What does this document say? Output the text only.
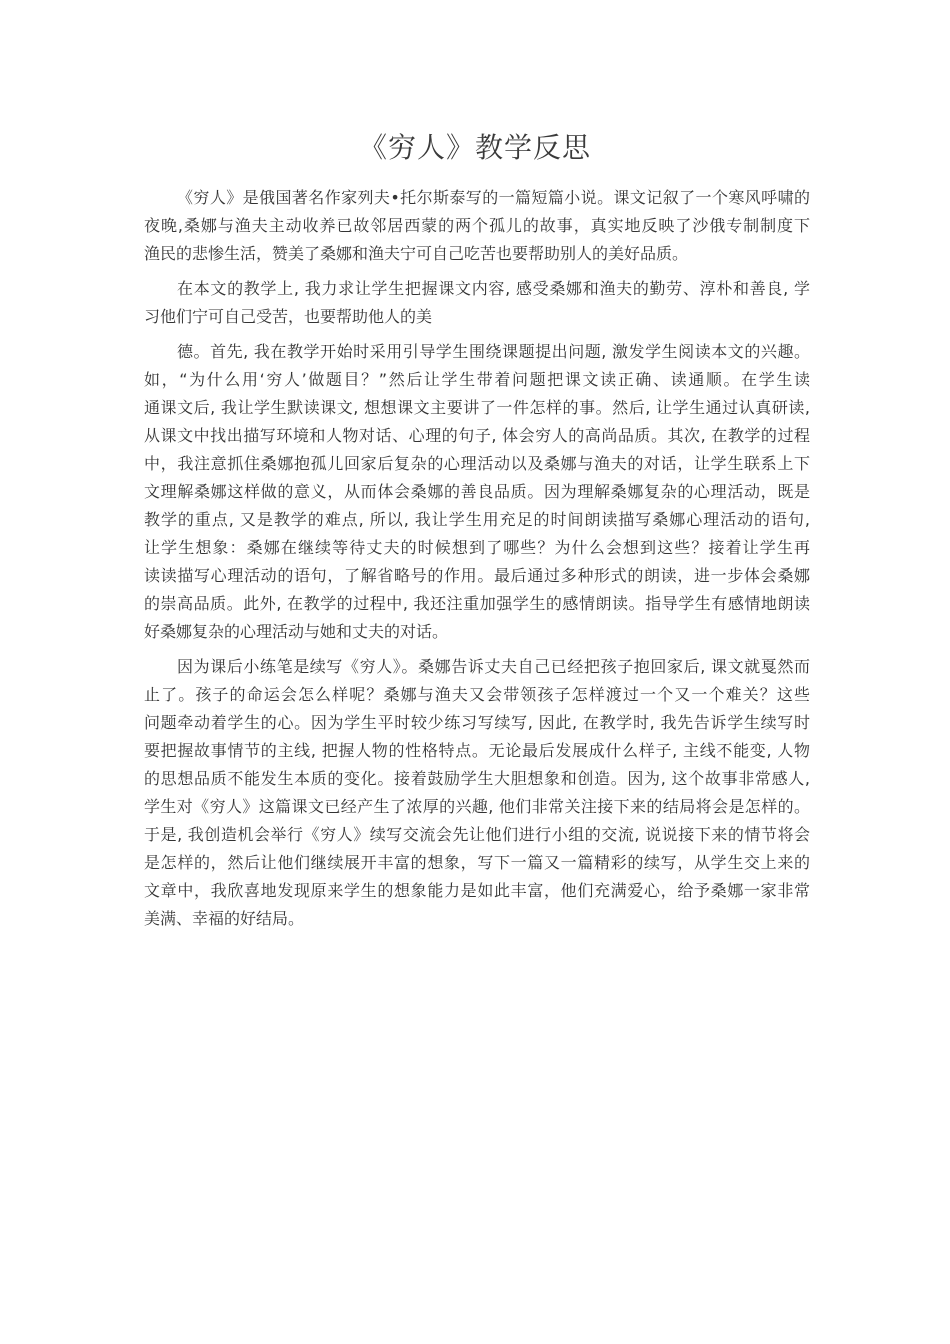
《穷人》教学反思

《穷人》是俄国著名作家列夫•托尔斯泰写的一篇短篇小说。课文记叙了一个寒风呼啸的
夜晚,桑娜与渔夫主动收养已故邻居西蒙的两个孤儿的故事，真实地反映了沙俄专制制度下
渔民的悲惨生活，赞美了桑娜和渔夫宁可自己吃苦也要帮助别人的美好品质。

在本文的教学上, 我力求让学生把握课文内容, 感受桑娜和渔夫的勤劳、淳朴和善良, 学
习他们宁可自己受苦，也要帮助他人的美

德。首先, 我在教学开始时采用引导学生围绕课题提出问题, 激发学生阅读本文的兴趣。
如，“为什么用‘穷人’做题目？”然后让学生带着问题把课文读正确、读通顺。在学生读
通课文后, 我让学生默读课文, 想想课文主要讲了一件怎样的事。然后, 让学生通过认真研读,
从课文中找出描写环境和人物对话、心理的句子, 体会穷人的高尚品质。其次, 在教学的过程
中，我注意抓住桑娜抱孤儿回家后复杂的心理活动以及桑娜与渔夫的对话，让学生联系上下
文理解桑娜这样做的意义，从而体会桑娜的善良品质。因为理解桑娜复杂的心理活动，既是
教学的重点, 又是教学的难点, 所以, 我让学生用充足的时间朗读描写桑娜心理活动的语句,
让学生想象：桑娜在继续等待丈夫的时候想到了哪些？为什么会想到这些？接着让学生再
读读描写心理活动的语句，了解省略号的作用。最后通过多种形式的朗读，进一步体会桑娜
的崇高品质。此外, 在教学的过程中, 我还注重加强学生的感情朗读。指导学生有感情地朗读
好桑娜复杂的心理活动与她和丈夫的对话。

因为课后小练笔是续写《穷人》。桑娜告诉丈夫自己已经把孩子抱回家后, 课文就戛然而
止了。孩子的命运会怎么样呢？桑娜与渔夫又会带领孩子怎样渡过一个又一个难关？这些
问题牵动着学生的心。因为学生平时较少练习写续写, 因此, 在教学时, 我先告诉学生续写时
要把握故事情节的主线, 把握人物的性格特点。无论最后发展成什么样子, 主线不能变, 人物
的思想品质不能发生本质的变化。接着鼓励学生大胆想象和创造。因为, 这个故事非常感人,
学生对《穷人》这篇课文已经产生了浓厚的兴趣, 他们非常关注接下来的结局将会是怎样的。
于是, 我创造机会举行《穷人》续写交流会先让他们进行小组的交流, 说说接下来的情节将会
是怎样的，然后让他们继续展开丰富的想象，写下一篇又一篇精彩的续写，从学生交上来的
文章中，我欣喜地发现原来学生的想象能力是如此丰富，他们充满爱心，给予桑娜一家非常
美满、幸福的好结局。
